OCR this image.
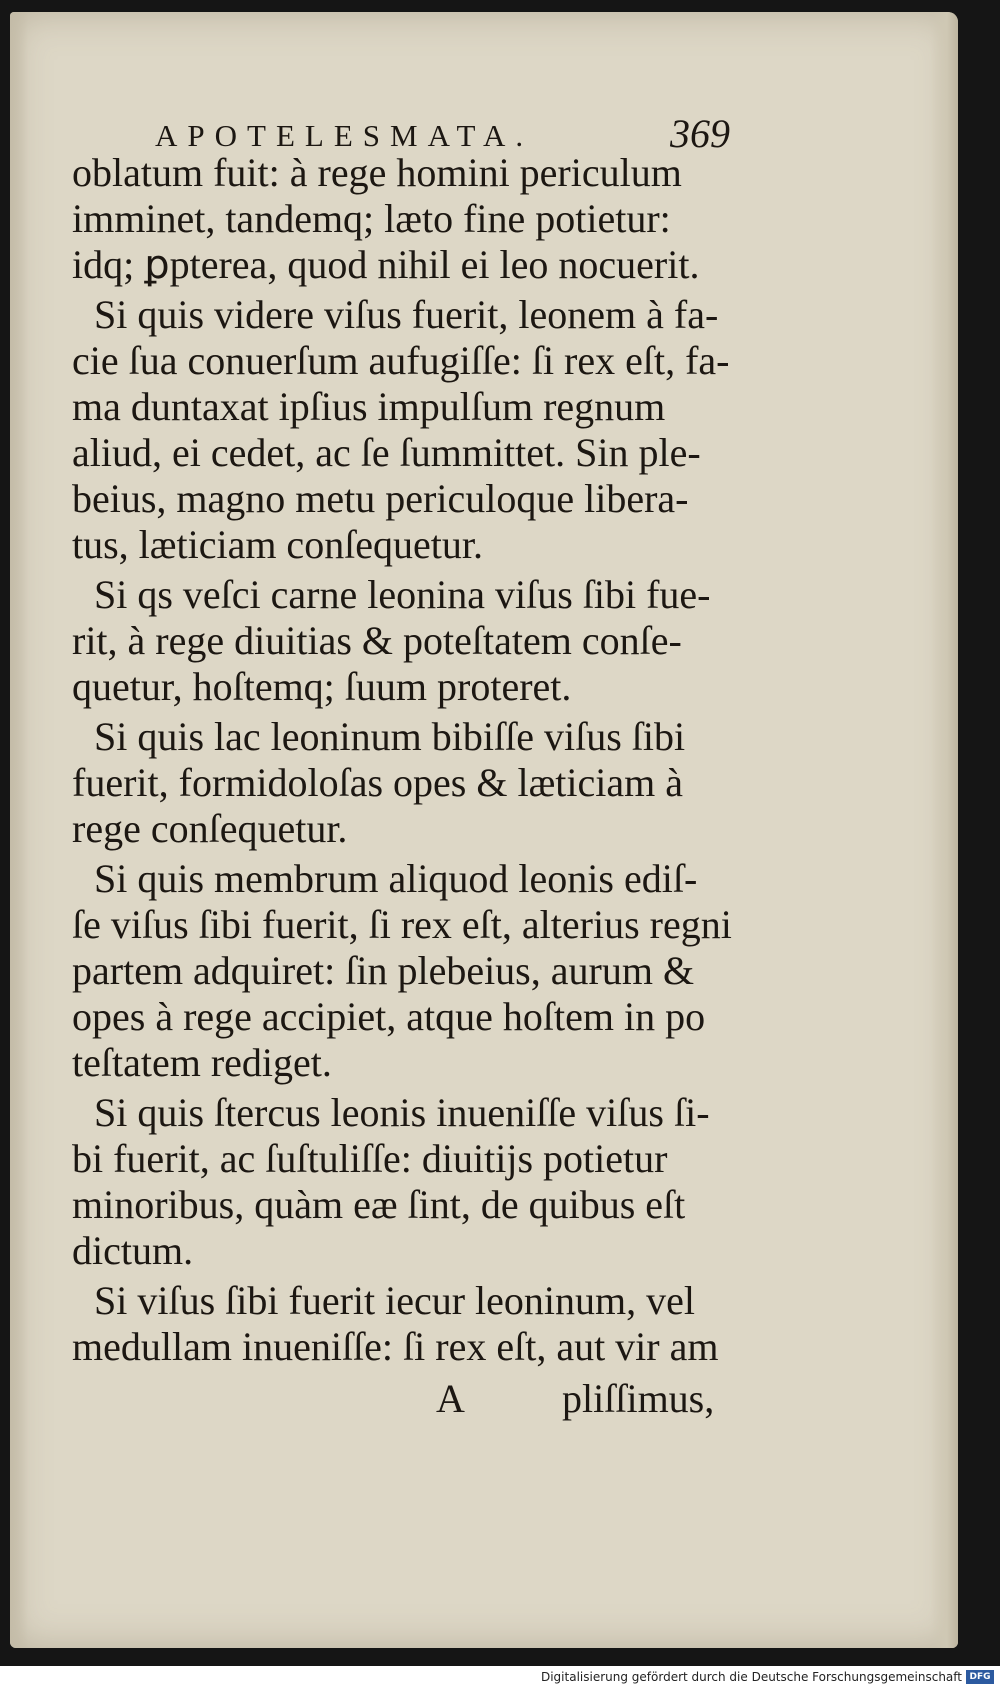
APOTELESMATA.	369
oblatum fuit: à rege homini periculum
imminet, tandemq; læto fine potietur:
idq; ꝑpterea, quod nihil ei leo nocuerit.
Si quis videre viſus fuerit, leonem à fa-
cie ſua conuerſum aufugiſſe: ſi rex eſt, fa-
ma duntaxat ipſius impulſum regnum
aliud, ei cedet, ac ſe ſummittet. Sin ple-
beius, magno metu periculoque libera-
tus, læticiam conſequetur.
Si qs veſci carne leonina viſus ſibi fue-
rit, à rege diuitias & poteſtatem conſe-
quetur, hoſtemq; ſuum proteret.
Si quis lac leoninum bibiſſe viſus ſibi
fuerit, formidoloſas opes & læticiam à
rege conſequetur.
Si quis membrum aliquod leonis ediſ-
ſe viſus ſibi fuerit, ſi rex eſt, alterius regni
partem adquiret: ſin plebeius, aurum &
opes à rege accipiet, atque hoſtem in po
teſtatem rediget.
Si quis ſtercus leonis inueniſſe viſus ſi-
bi fuerit, ac ſuſtuliſſe: diuitijs potietur
minoribus, quàm eæ ſint, de quibus eſt
dictum.
Si viſus ſibi fuerit iecur leoninum, vel
medullam inueniſſe: ſi rex eſt, aut vir am
A pliſſimus,
Digitalisierung gefördert durch die Deutsche Forschungsgemeinschaft DFG
